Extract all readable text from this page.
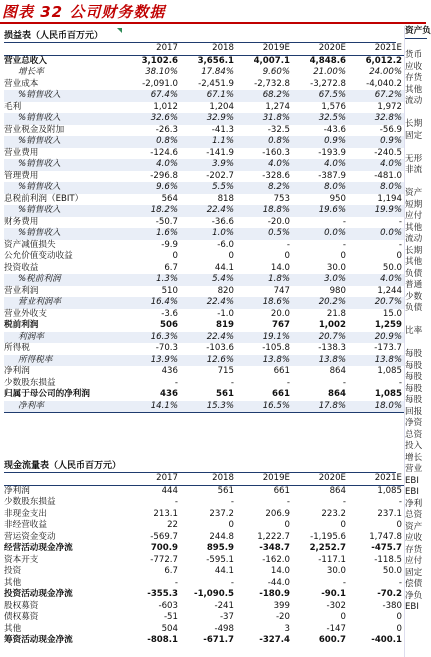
图表 32 公司财务数据
损益表（人民币百万元）
	2017	2018	2019E	2020E	2021E
营业总收入	3,102.6	3,656.1	4,007.1	4,848.6	6,012.2
增长率	38.10%	17.84%	9.60%	21.00%	24.00%
营业成本	-2,091.0	-2,451.9	-2,732.8	-3,272.8	-4,040.2
%销售收入	67.4%	67.1%	68.2%	67.5%	67.2%
毛利	1,012	1,204	1,274	1,576	1,972
%销售收入	32.6%	32.9%	31.8%	32.5%	32.8%
营业税金及附加	-26.3	-41.3	-32.5	-43.6	-56.9
%销售收入	0.8%	1.1%	0.8%	0.9%	0.9%
营业费用	-124.6	-141.9	-160.3	-193.9	-240.5
%销售收入	4.0%	3.9%	4.0%	4.0%	4.0%
管理费用	-296.8	-202.7	-328.6	-387.9	-481.0
%销售收入	9.6%	5.5%	8.2%	8.0%	8.0%
息税前利润（EBIT）	564	818	753	950	1,194
%销售收入	18.2%	22.4%	18.8%	19.6%	19.9%
财务费用	-50.7	-36.6	-20.0	-	-
%销售收入	1.6%	1.0%	0.5%	0.0%	0.0%
资产减值损失	-9.9	-6.0	-	-	-
公允价值变动收益	0	0	0	0	0
投资收益	6.7	44.1	14.0	30.0	50.0
%税前利润	1.3%	5.4%	1.8%	3.0%	4.0%
营业利润	510	820	747	980	1,244
营业利润率	16.4%	22.4%	18.6%	20.2%	20.7%
营业外收支	-3.6	-1.0	20.0	21.8	15.0
税前利润	506	819	767	1,002	1,259
利润率	16.3%	22.4%	19.1%	20.7%	20.9%
所得税	-70.3	-103.6	-105.8	-138.3	-173.7
所得税率	13.9%	12.6%	13.8%	13.8%	13.8%
净利润	436	715	661	864	1,085
少数股东损益	-	-	-	-	-
归属于母公司的净利润	436	561	661	864	1,085
净利率	14.1%	15.3%	16.5%	17.8%	18.0%
现金流量表（人民币百万元）
	2017	2018	2019E	2020E	2021E
净利润	444	561	661	864	1,085
少数股东损益	-	-	-	-	-
非现金支出	213.1	237.2	206.9	223.2	237.1
非经营收益	22	0	0	0	0
营运资金变动	-569.7	244.8	1,222.7	-1,195.6	1,747.8
经营活动现金净流	700.9	895.9	-348.7	2,252.7	-475.7
资本开支	-772.7	-595.1	-162.0	-117.1	-118.5
投资	6.7	44.1	14.0	30.0	50.0
其他	-	-	-44.0	-	-
投资活动现金净流	-355.3	-1,090.5	-180.9	-90.1	-70.2
股权募资	-603	-241	399	-302	-380
债权募资	-51	-37	-20	0	0
其他	504	-498	3	-147	0
筹资活动现金净流	-808.1	-671.7	-327.4	600.7	-400.1
资产负
货币
应收
存货
其他
流动
长期
固定
无形
非流
资产
短期
应付
其他
流动
长期
其他
负债
普通
少数
负债
比率
每股
每股
每股
每股
每股
回报
净资
总资
投入
增长
营业
EBI
EBI
净利
总资
资产
应收
存货
应付
固定
偿债
净负
EBI
